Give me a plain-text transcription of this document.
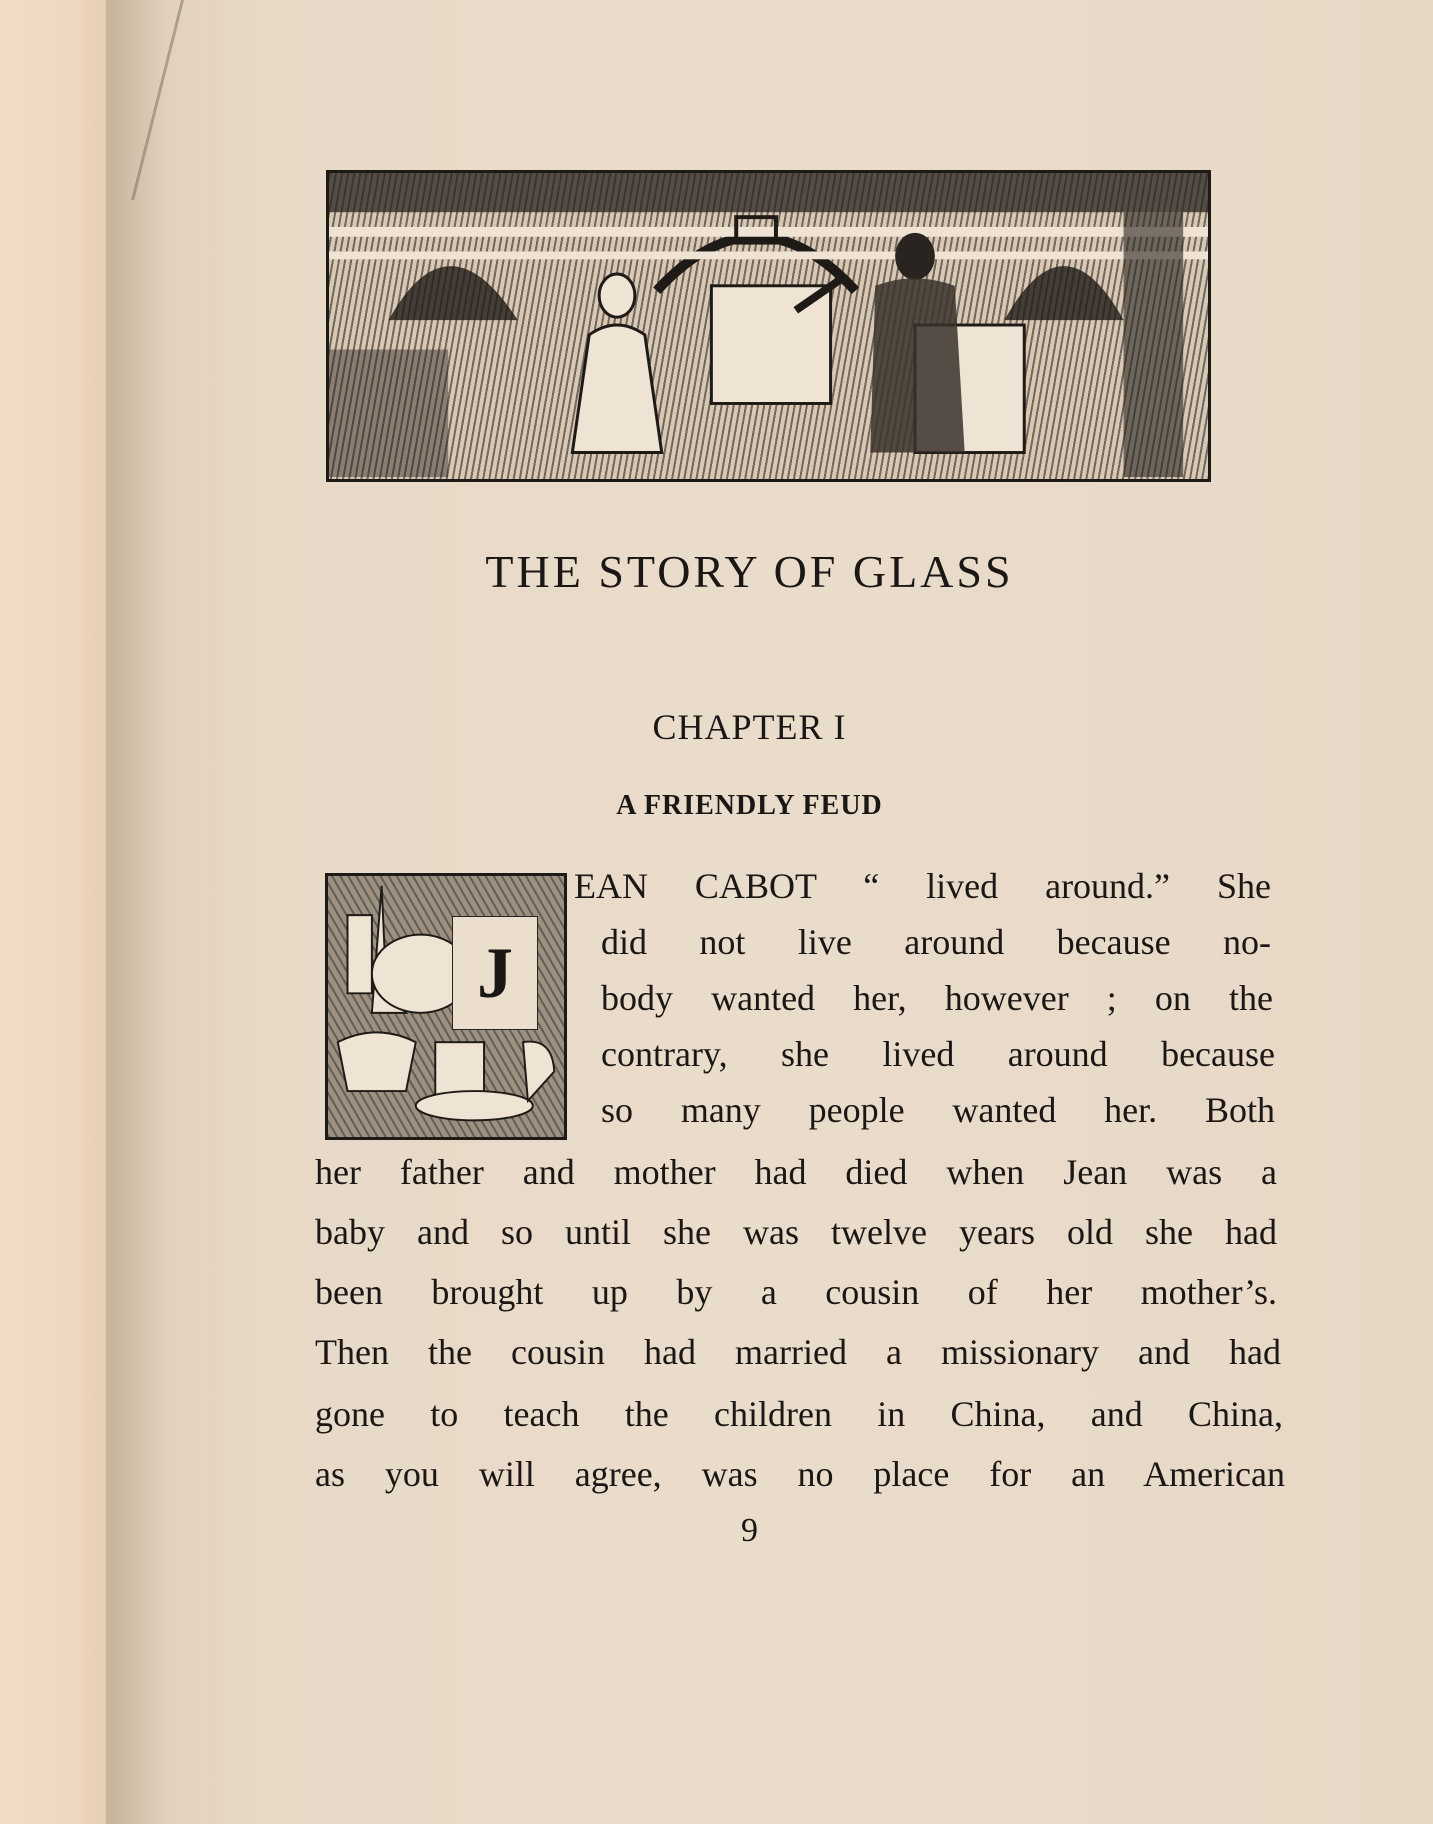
THE STORY OF GLASS
CHAPTER I
A FRIENDLY FEUD
J
EAN CABOT “ lived around.” She
did not live around because no-
body wanted her, however ; on the
contrary, she lived around because
so many people wanted her. Both
her father and mother had died when Jean was a
baby and so until she was twelve years old she had
been brought up by a cousin of her mother’s.
Then the cousin had married a missionary and had
gone to teach the children in China, and China,
as you will agree, was no place for an American
9
